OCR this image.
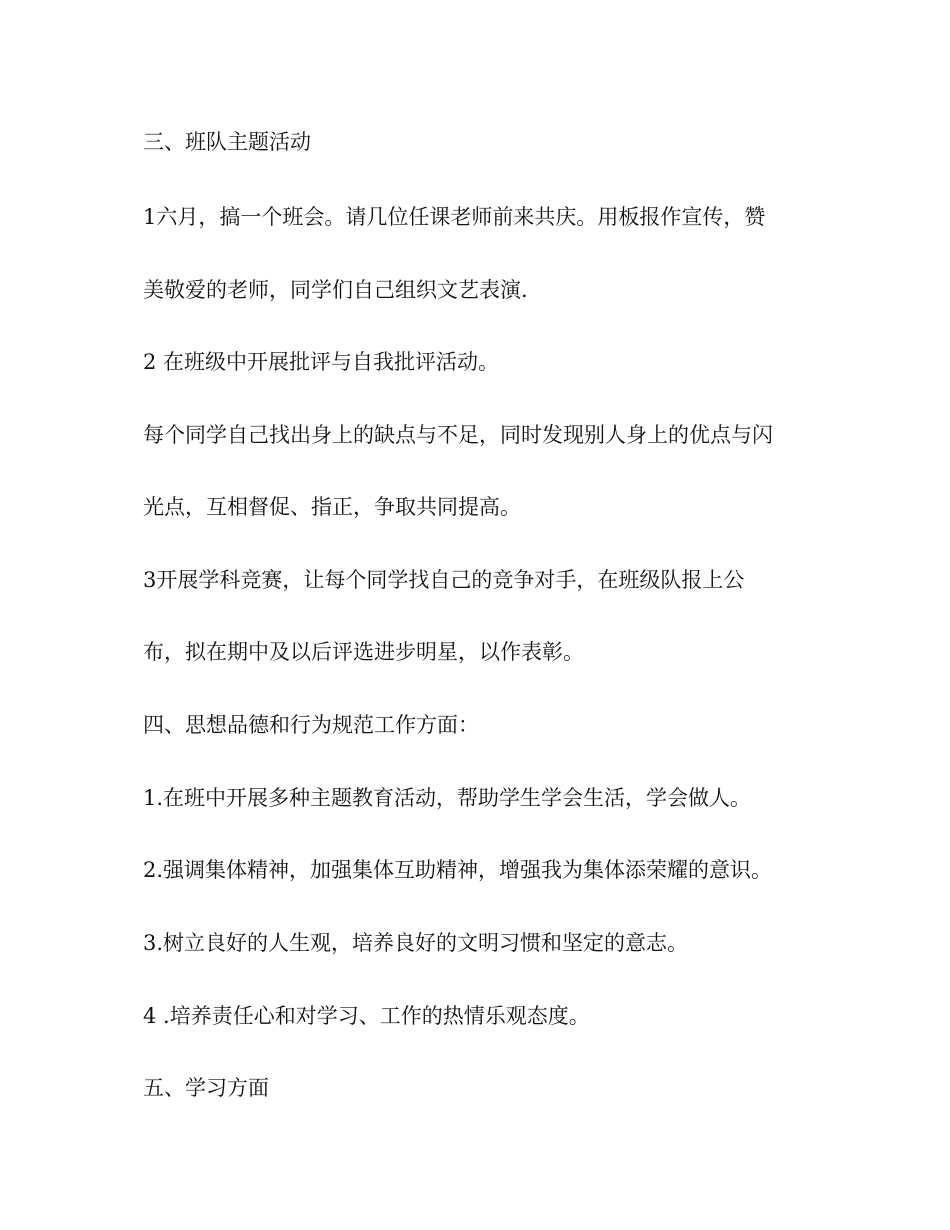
三、班队主题活动

1六月，搞一个班会。请几位任课老师前来共庆。用板报作宣传，赞

美敬爱的老师，同学们自己组织文艺表演.

2 在班级中开展批评与自我批评活动。

每个同学自己找出身上的缺点与不足，同时发现别人身上的优点与闪

光点，互相督促、指正，争取共同提高。

3开展学科竞赛，让每个同学找自己的竞争对手，在班级队报上公

布，拟在期中及以后评选进步明星，以作表彰。

四、思想品德和行为规范工作方面：

1.在班中开展多种主题教育活动，帮助学生学会生活，学会做人。

2.强调集体精神，加强集体互助精神，增强我为集体添荣耀的意识。

3.树立良好的人生观，培养良好的文明习惯和坚定的意志。

4 .培养责任心和对学习、工作的热情乐观态度。

五、学习方面
